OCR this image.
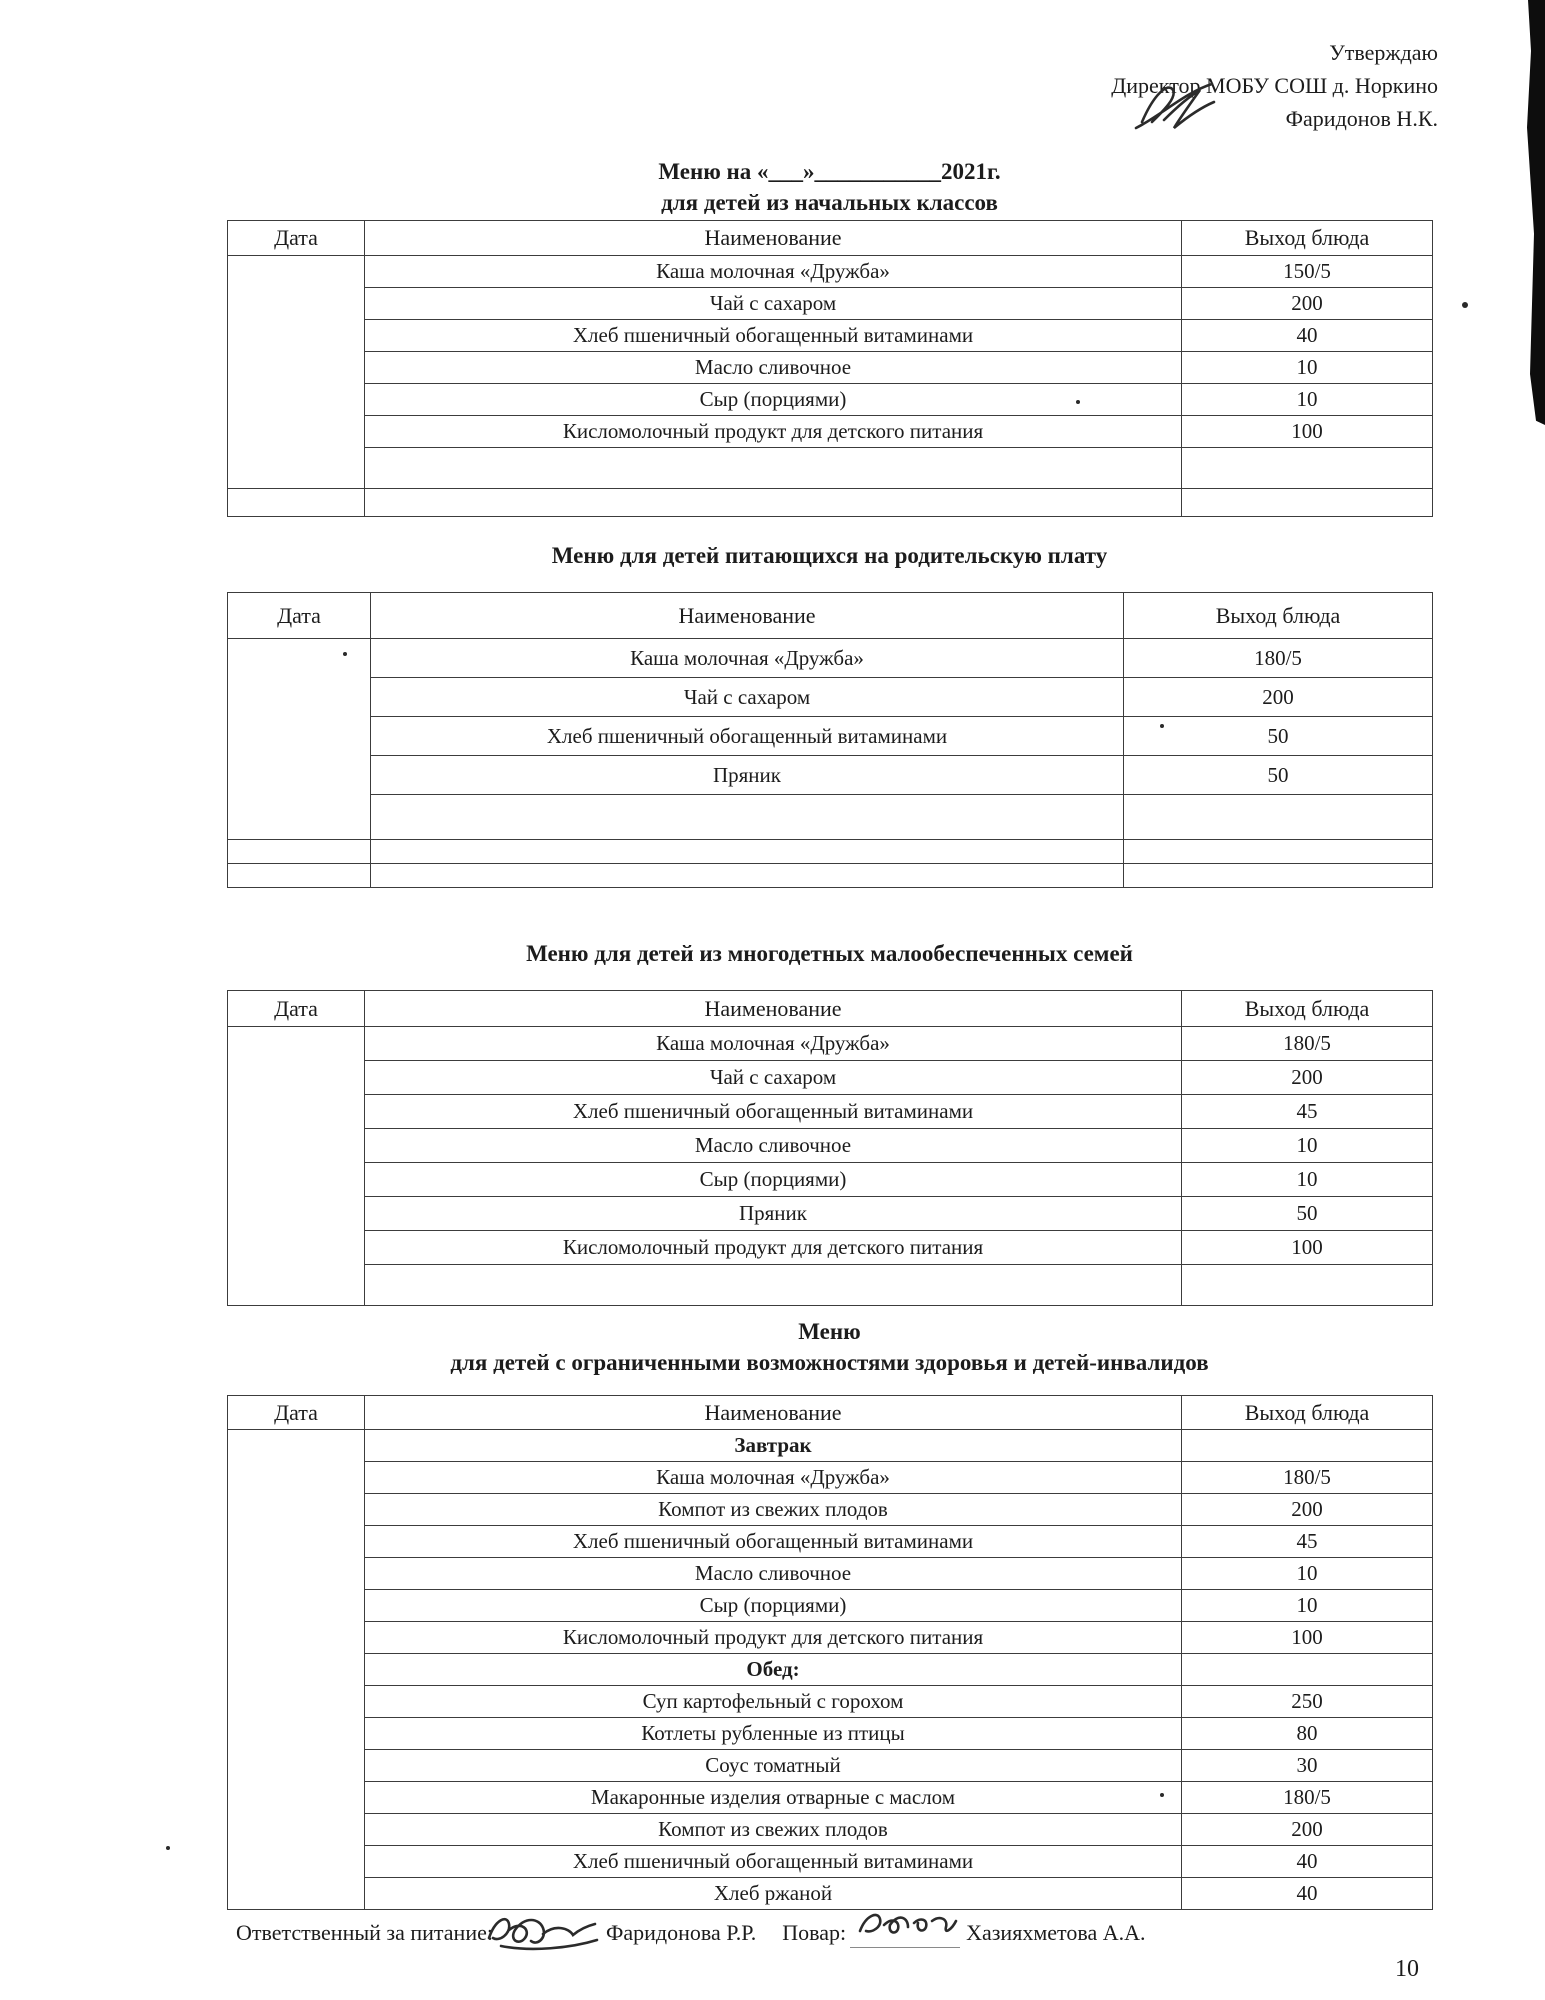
Утверждаю
Директор МОБУ СОШ д. Норкино
Фаридонов Н.К.
Меню на «___»___________2021г.
для детей из начальных классов
Дата	Наименование	Выход блюда
	Каша молочная «Дружба»	150/5
	Чай с сахаром	200
	Хлеб пшеничный обогащенный витаминами	40
	Масло сливочное	10
	Сыр (порциями)	10
	Кисломолочный продукт для детского питания	100

Меню для детей питающихся на родительскую плату
Дата	Наименование	Выход блюда
	Каша молочная «Дружба»	180/5
	Чай с сахаром	200
	Хлеб пшеничный обогащенный витаминами	50
	Пряник	50

Меню для детей из многодетных малообеспеченных семей
Дата	Наименование	Выход блюда
	Каша молочная «Дружба»	180/5
	Чай с сахаром	200
	Хлеб пшеничный обогащенный витаминами	45
	Масло сливочное	10
	Сыр (порциями)	10
	Пряник	50
	Кисломолочный продукт для детского питания	100

Меню
для детей с ограниченными возможностями здоровья и детей-инвалидов
Дата	Наименование	Выход блюда
	Завтрак	
	Каша молочная «Дружба»	180/5
	Компот из свежих плодов	200
	Хлеб пшеничный обогащенный витаминами	45
	Масло сливочное	10
	Сыр (порциями)	10
	Кисломолочный продукт для детского питания	100
	Обед:	
	Суп картофельный с горохом	250
	Котлеты рубленные из птицы	80
	Соус томатный	30
	Макаронные изделия отварные с маслом	180/5
	Компот из свежих плодов	200
	Хлеб пшеничный обогащенный витаминами	40
	Хлеб ржаной	40
Ответственный за питание:	Фаридонова Р.Р. Повар:	Хазияхметова А.А.
10
